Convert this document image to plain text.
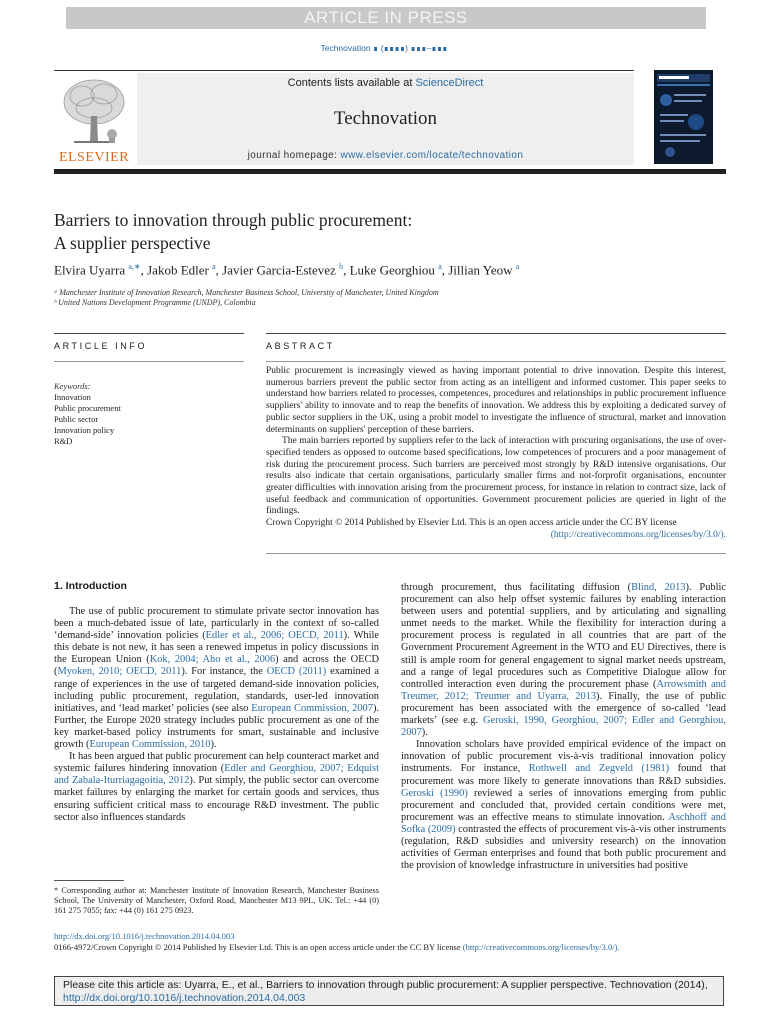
ARTICLE IN PRESS
Technovation ∎ (∎∎∎∎) ∎∎∎–∎∎∎
ELSEVIER
Contents lists available at ScienceDirect
Technovation
journal homepage: www.elsevier.com/locate/technovation
Barriers to innovation through public procurement:
A supplier perspective
Elvira Uyarra $^{a,∗}$, Jakob Edler $^a$, Javier Garcia-Estevez $^b$, Luke Georghiou $^a$, Jillian Yeow $^a$
ᵃ Manchester Institute of Innovation Research, Manchester Business School, University of Manchester, United Kingdom
ᵇ United Nations Development Programme (UNDP), Colombia
ARTICLE INFO	ABSTRACT
Keywords:
Innovation
Public procurement
Public sector
Innovation policy
R&D

Public procurement is increasingly viewed as having important potential to drive innovation. Despite this interest, numerous barriers prevent the public sector from acting as an intelligent and informed customer. This paper seeks to understand how barriers related to processes, competences, procedures and relationships in public procurement influence suppliers' ability to innovate and to reap the benefits of innovation. We address this by exploiting a dedicated survey of public sector suppliers in the UK, using a probit model to investigate the influence of structural, market and innovation determinants on suppliers' perception of these barriers.

The main barriers reported by suppliers refer to the lack of interaction with procuring organisations, the use of over-specified tenders as opposed to outcome based specifications, low competences of procurers and a poor management of risk during the procurement process. Such barriers are perceived most strongly by R&D intensive organisations. Our results also indicate that certain organisations, particularly smaller firms and not-forprofit organisations, encounter greater difficulties with innovation arising from the procurement process, for instance in relation to contract size, lack of useful feedback and communication of opportunities. Government procurement policies are queried in light of the findings.

Crown Copyright © 2014 Published by Elsevier Ltd. This is an open access article under the CC BY license
(http://creativecommons.org/licenses/by/3.0/).

1. Introduction

The use of public procurement to stimulate private sector innovation has been a much-debated issue of late, particularly in the context of so-called ‘demand-side’ innovation policies (Edler et al., 2006; OECD, 2011). While this debate is not new, it has seen a renewed impetus in policy discussions in the European Union (Kok, 2004; Aho et al., 2006) and across the OECD (Myoken, 2010; OECD, 2011). For instance, the OECD (2011) examined a range of experiences in the use of targeted demand-side innovation policies, including public procurement, regulation, standards, user-led innovation initiatives, and ‘lead market’ policies (see also European Commission, 2007). Further, the Europe 2020 strategy includes public procurement as one of the key market-based policy instruments for smart, sustainable and inclusive growth (European Commission, 2010).

It has been argued that public procurement can help counteract market and systemic failures hindering innovation (Edler and Georghiou, 2007; Edquist and Zabala-Iturriagagoitia, 2012). Put simply, the public sector can overcome market failures by enlarging the market for certain goods and services, thus ensuring sufficient critical mass to encourage R&D investment. The public sector also influences standards

through procurement, thus facilitating diffusion (Blind, 2013). Public procurement can also help offset systemic failures by enabling interaction between users and potential suppliers, and by articulating and signalling unmet needs to the market. While the flexibility for interaction during a procurement process is regulated in all countries that are part of the Government Procurement Agreement in the WTO and EU Directives, there is still is ample room for general engagement to signal market needs upstream, and a range of legal procedures such as Competitive Dialogue allow for controlled interaction even during the procurement phase (Arrowsmith and Treumer, 2012; Treumer and Uyarra, 2013). Finally, the use of public procurement has been associated with the emergence of so-called ‘lead markets’ (see e.g. Geroski, 1990, Georghiou, 2007; Edler and Georghiou, 2007).

Innovation scholars have provided empirical evidence of the impact on innovation of public procurement vis-à-vis traditional innovation policy instruments. For instance, Rothwell and Zegveld (1981) found that procurement was more likely to generate innovations than R&D subsidies. Geroski (1990) reviewed a series of innovations emerging from public procurement and concluded that, provided certain conditions were met, procurement was an effective means to stimulate innovation. Aschhoff and Sofka (2009) contrasted the effects of procurement vis-à-vis other instruments (regulation, R&D subsidies and university research) on the innovation activities of German enterprises and found that both public procurement and the provision of knowledge infrastructure in universities had positive

* Corresponding author at: Manchester Institute of Innovation Research, Manchester Business School, The University of Manchester, Oxford Road, Manchester M13 9PL, UK. Tel.: +44 (0) 161 275 7055; fax: +44 (0) 161 275 0923.
http://dx.doi.org/10.1016/j.technovation.2014.04.003
0166-4972/Crown Copyright © 2014 Published by Elsevier Ltd. This is an open access article under the CC BY license (http://creativecommons.org/licenses/by/3.0/).
Please cite this article as: Uyarra, E., et al., Barriers to innovation through public procurement: A supplier perspective. Technovation (2014), http://dx.doi.org/10.1016/j.technovation.2014.04.003
